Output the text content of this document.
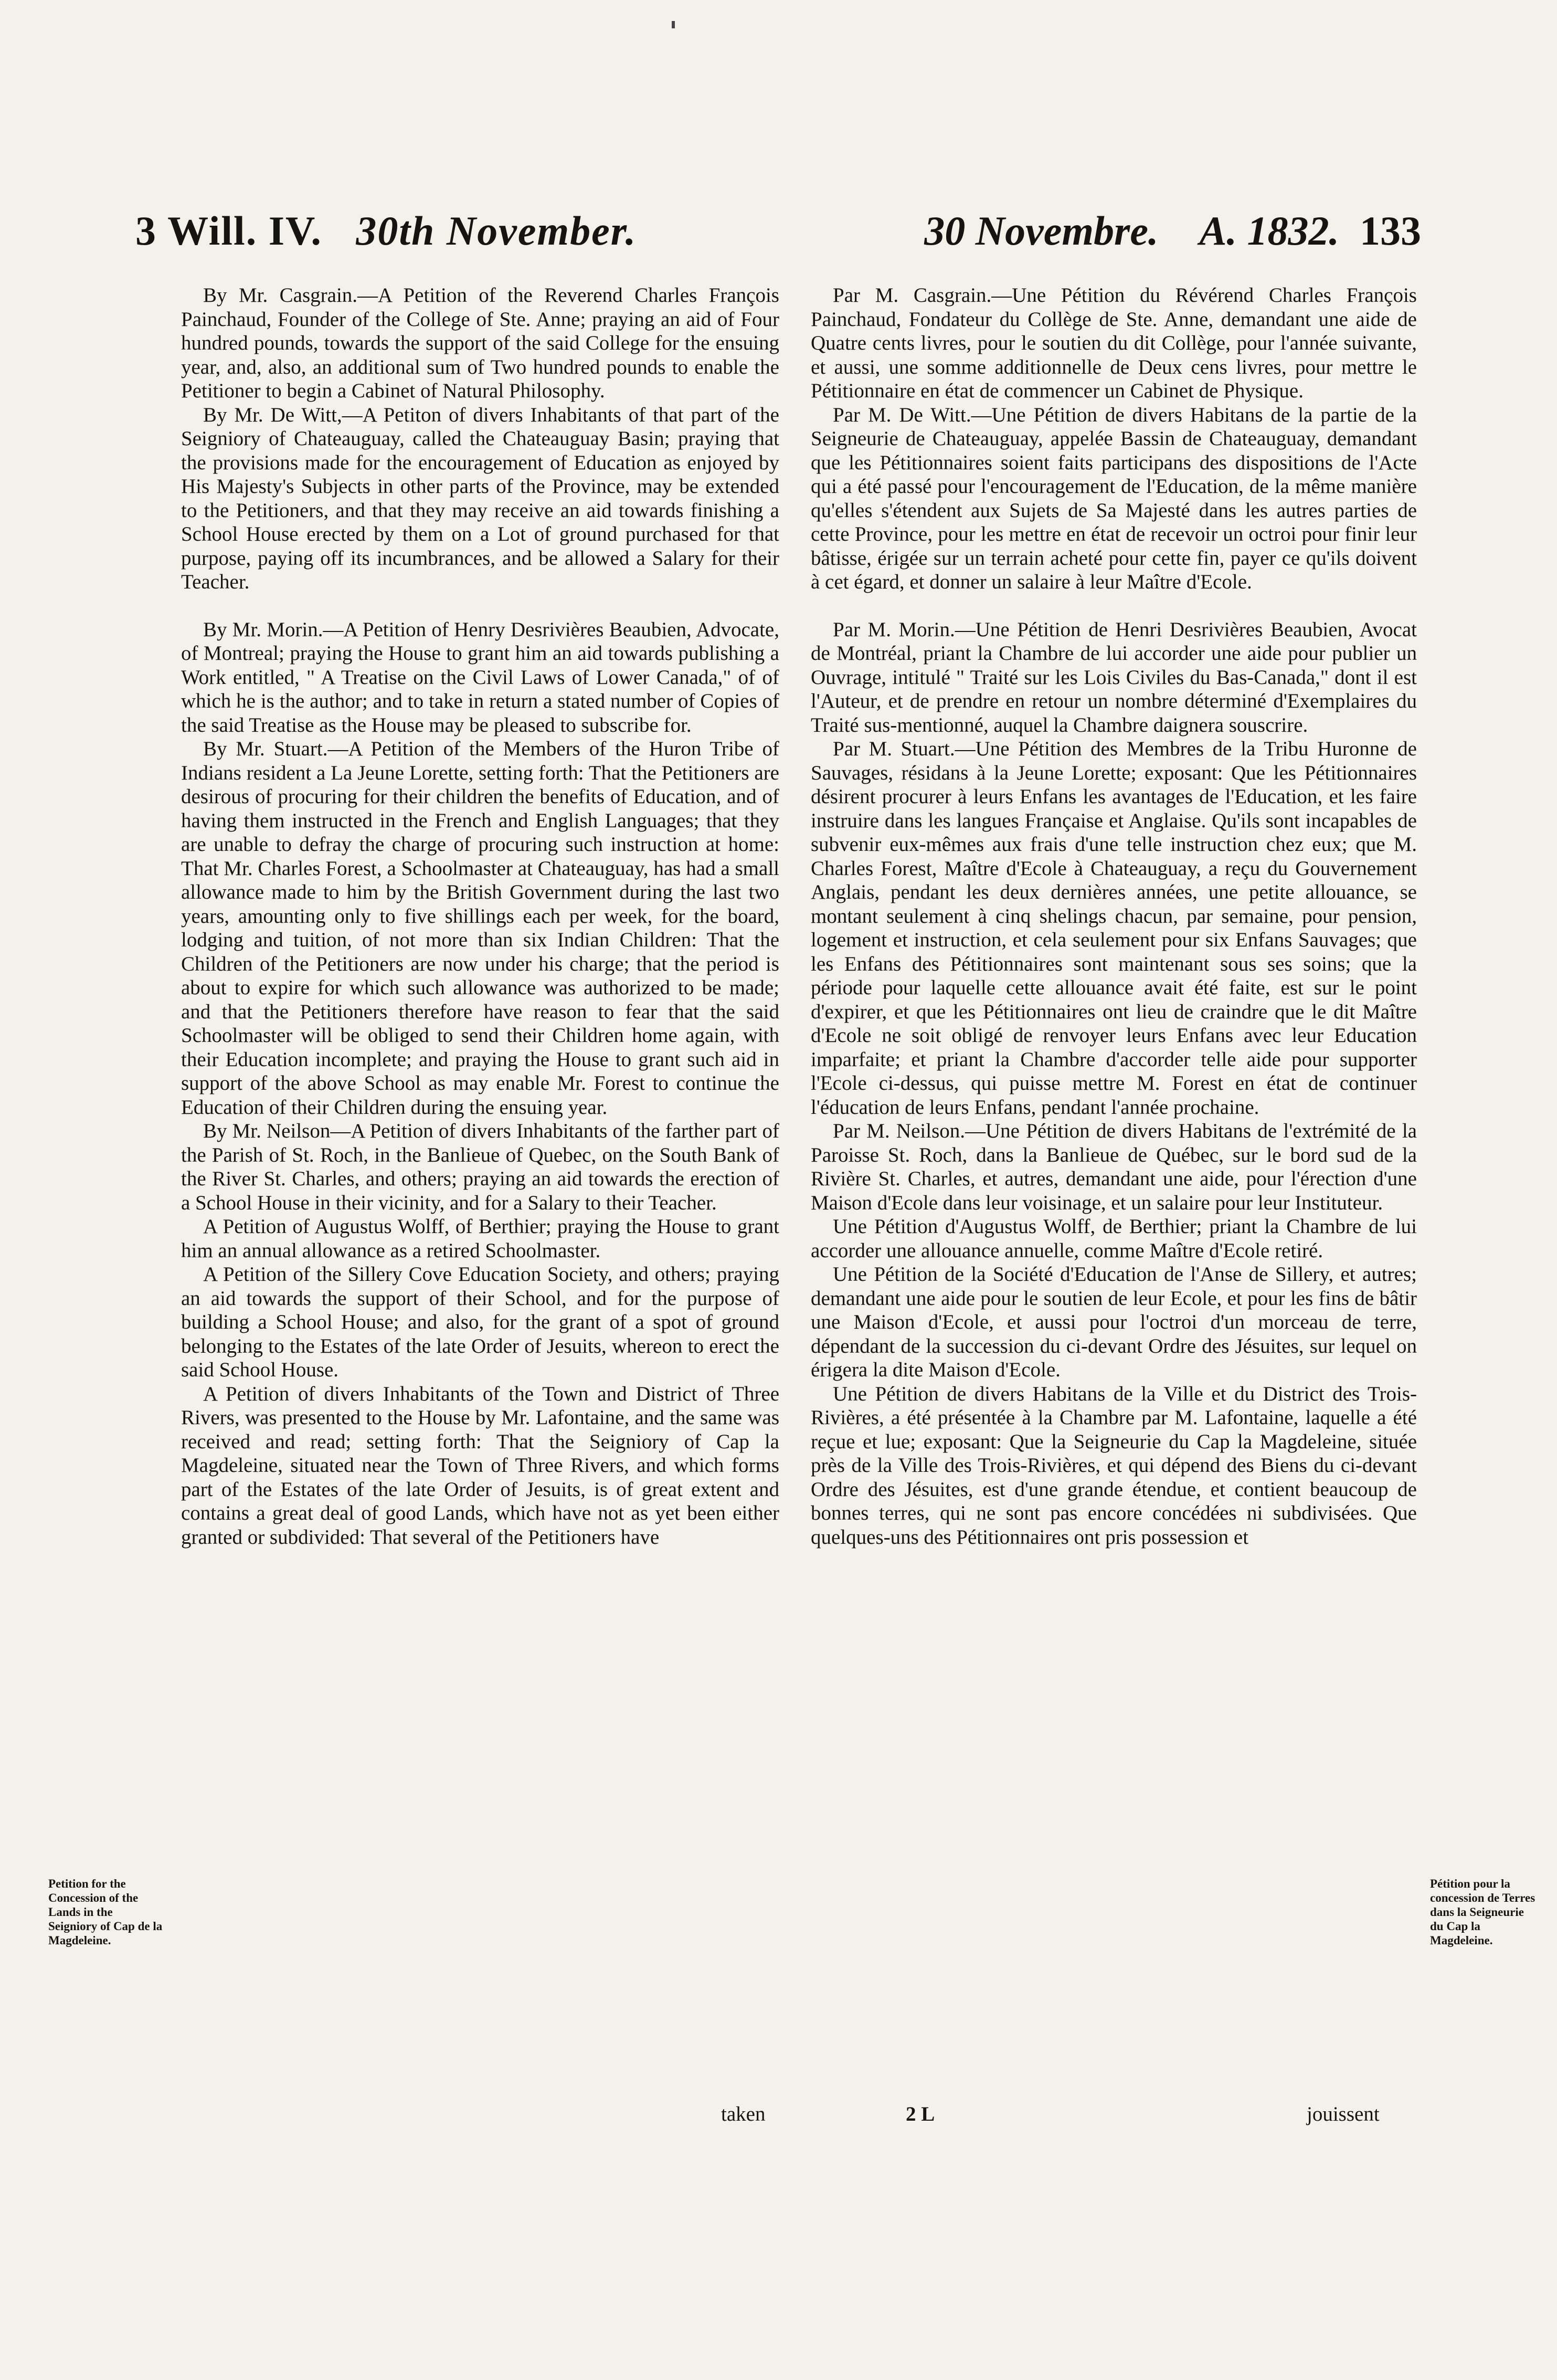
3 Will. IV. 30th November.	30 Novembre. A. 1832. 133

By Mr. Casgrain.—A Petition of the Reverend Charles François Painchaud, Founder of the College of Ste. Anne; praying an aid of Four hundred pounds, towards the support of the said College for the ensuing year, and, also, an additional sum of Two hundred pounds to enable the Petitioner to begin a Cabinet of Natural Philosophy.

By Mr. De Witt,—A Petiton of divers Inhabitants of that part of the Seigniory of Chateauguay, called the Chateauguay Basin; praying that the provisions made for the encouragement of Education as enjoyed by His Majesty's Subjects in other parts of the Province, may be extended to the Petitioners, and that they may receive an aid towards finishing a School House erected by them on a Lot of ground purchased for that purpose, paying off its incumbrances, and be allowed a Salary for their Teacher.

By Mr. Morin.—A Petition of Henry Desrivières Beaubien, Advocate, of Montreal; praying the House to grant him an aid towards publishing a Work entitled, " A Treatise on the Civil Laws of Lower Canada," of of which he is the author; and to take in return a stated number of Copies of the said Treatise as the House may be pleased to subscribe for.

By Mr. Stuart.—A Petition of the Members of the Huron Tribe of Indians resident a La Jeune Lorette, setting forth: That the Petitioners are desirous of procuring for their children the benefits of Education, and of having them instructed in the French and English Languages; that they are unable to defray the charge of procuring such instruction at home: That Mr. Charles Forest, a Schoolmaster at Chateauguay, has had a small allowance made to him by the British Government during the last two years, amounting only to five shillings each per week, for the board, lodging and tuition, of not more than six Indian Children: That the Children of the Petitioners are now under his charge; that the period is about to expire for which such allowance was authorized to be made; and that the Petitioners therefore have reason to fear that the said Schoolmaster will be obliged to send their Children home again, with their Education incomplete; and praying the House to grant such aid in support of the above School as may enable Mr. Forest to continue the Education of their Children during the ensuing year.

By Mr. Neilson—A Petition of divers Inhabitants of the farther part of the Parish of St. Roch, in the Banlieue of Quebec, on the South Bank of the River St. Charles, and others; praying an aid towards the erection of a School House in their vicinity, and for a Salary to their Teacher.

A Petition of Augustus Wolff, of Berthier; praying the House to grant him an annual allowance as a retired Schoolmaster.

A Petition of the Sillery Cove Education Society, and others; praying an aid towards the support of their School, and for the purpose of building a School House; and also, for the grant of a spot of ground belonging to the Estates of the late Order of Jesuits, whereon to erect the said School House.

A Petition of divers Inhabitants of the Town and District of Three Rivers, was presented to the House by Mr. Lafontaine, and the same was received and read; setting forth: That the Seigniory of Cap la Magdeleine, situated near the Town of Three Rivers, and which forms part of the Estates of the late Order of Jesuits, is of great extent and contains a great deal of good Lands, which have not as yet been either granted or subdivided: That several of the Petitioners have

Par M. Casgrain.—Une Pétition du Révérend Charles François Painchaud, Fondateur du Collège de Ste. Anne, demandant une aide de Quatre cents livres, pour le soutien du dit Collège, pour l'année suivante, et aussi, une somme additionnelle de Deux cens livres, pour mettre le Pétitionnaire en état de commencer un Cabinet de Physique.

Par M. De Witt.—Une Pétition de divers Habitans de la partie de la Seigneurie de Chateauguay, appelée Bassin de Chateauguay, demandant que les Pétitionnaires soient faits participans des dispositions de l'Acte qui a été passé pour l'encouragement de l'Education, de la même manière qu'elles s'étendent aux Sujets de Sa Majesté dans les autres parties de cette Province, pour les mettre en état de recevoir un octroi pour finir leur bâtisse, érigée sur un terrain acheté pour cette fin, payer ce qu'ils doivent à cet égard, et donner un salaire à leur Maître d'Ecole.

Par M. Morin.—Une Pétition de Henri Desrivières Beaubien, Avocat de Montréal, priant la Chambre de lui accorder une aide pour publier un Ouvrage, intitulé " Traité sur les Lois Civiles du Bas-Canada," dont il est l'Auteur, et de prendre en retour un nombre déterminé d'Exemplaires du Traité sus-mentionné, auquel la Chambre daignera souscrire.

Par M. Stuart.—Une Pétition des Membres de la Tribu Huronne de Sauvages, résidans à la Jeune Lorette; exposant: Que les Pétitionnaires désirent procurer à leurs Enfans les avantages de l'Education, et les faire instruire dans les langues Française et Anglaise. Qu'ils sont incapables de subvenir eux-mêmes aux frais d'une telle instruction chez eux; que M. Charles Forest, Maître d'Ecole à Chateauguay, a reçu du Gouvernement Anglais, pendant les deux dernières années, une petite allouance, se montant seulement à cinq shelings chacun, par semaine, pour pension, logement et instruction, et cela seulement pour six Enfans Sauvages; que les Enfans des Pétitionnaires sont maintenant sous ses soins; que la période pour laquelle cette allouance avait été faite, est sur le point d'expirer, et que les Pétitionnaires ont lieu de craindre que le dit Maître d'Ecole ne soit obligé de renvoyer leurs Enfans avec leur Education imparfaite; et priant la Chambre d'accorder telle aide pour supporter l'Ecole ci-dessus, qui puisse mettre M. Forest en état de continuer l'éducation de leurs Enfans, pendant l'année prochaine.

Par M. Neilson.—Une Pétition de divers Habitans de l'extrémité de la Paroisse St. Roch, dans la Banlieue de Québec, sur le bord sud de la Rivière St. Charles, et autres, demandant une aide, pour l'érection d'une Maison d'Ecole dans leur voisinage, et un salaire pour leur Instituteur.

Une Pétition d'Augustus Wolff, de Berthier; priant la Chambre de lui accorder une allouance annuelle, comme Maître d'Ecole retiré.

Une Pétition de la Société d'Education de l'Anse de Sillery, et autres; demandant une aide pour le soutien de leur Ecole, et pour les fins de bâtir une Maison d'Ecole, et aussi pour l'octroi d'un morceau de terre, dépendant de la succession du ci-devant Ordre des Jésuites, sur lequel on érigera la dite Maison d'Ecole.

Une Pétition de divers Habitans de la Ville et du District des Trois-Rivières, a été présentée à la Chambre par M. Lafontaine, laquelle a été reçue et lue; exposant: Que la Seigneurie du Cap la Magdeleine, située près de la Ville des Trois-Rivières, et qui dépend des Biens du ci-devant Ordre des Jésuites, est d'une grande étendue, et contient beaucoup de bonnes terres, qui ne sont pas encore concédées ni subdivisées. Que quelques-uns des Pétitionnaires ont pris possession et

Petition for the Concession of the Lands in the Seigniory of Cap de la Magdeleine.
Pétition pour la concession de Terres dans la Seigneurie du Cap la Magdeleine.
taken	2 L	jouissent
